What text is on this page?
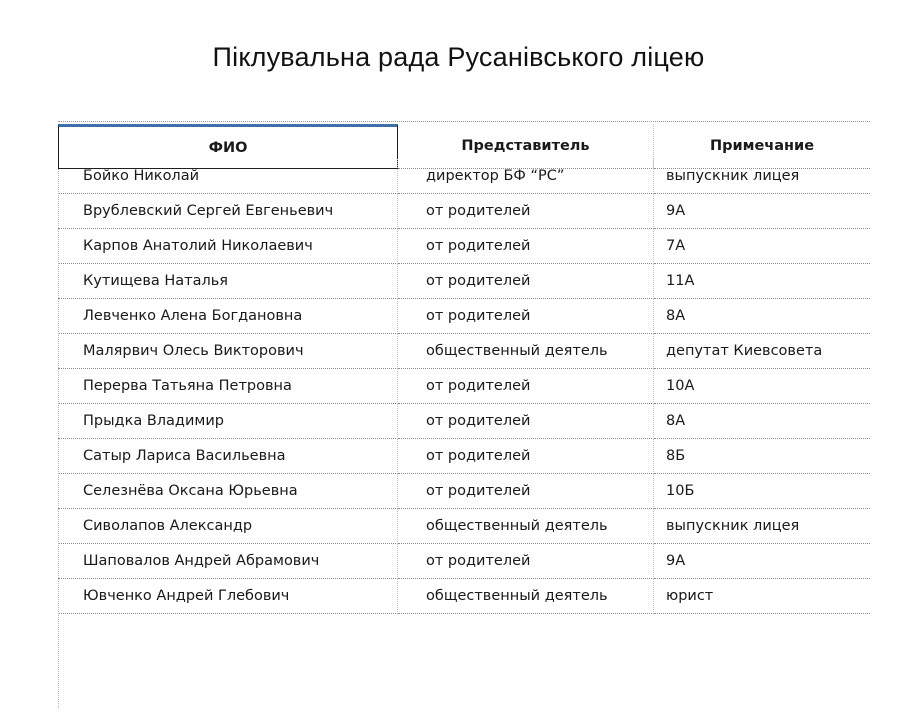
Піклувальна рада Русанівського ліцею
ФИО	Представитель	Примечание
Бойко Николай	директор БФ “РС”	выпускник лицея
Врублевский Сергей Евгеньевич	от родителей	9А
Карпов Анатолий Николаевич	от родителей	7А
Кутищева Наталья	от родителей	11А
Левченко Алена Богдановна	от родителей	8А
Малярвич Олесь Викторович	общественный деятель	депутат Киевсовета
Перерва Татьяна Петровна	от родителей	10А
Прыдка Владимир	от родителей	8А
Сатыр Лариса Васильевна	от родителей	8Б
Селезнёва Оксана Юрьевна	от родителей	10Б
Сиволапов Александр	общественный деятель	выпускник лицея
Шаповалов Андрей Абрамович	от родителей	9А
Ювченко Андрей Глебович	общественный деятель	юрист
